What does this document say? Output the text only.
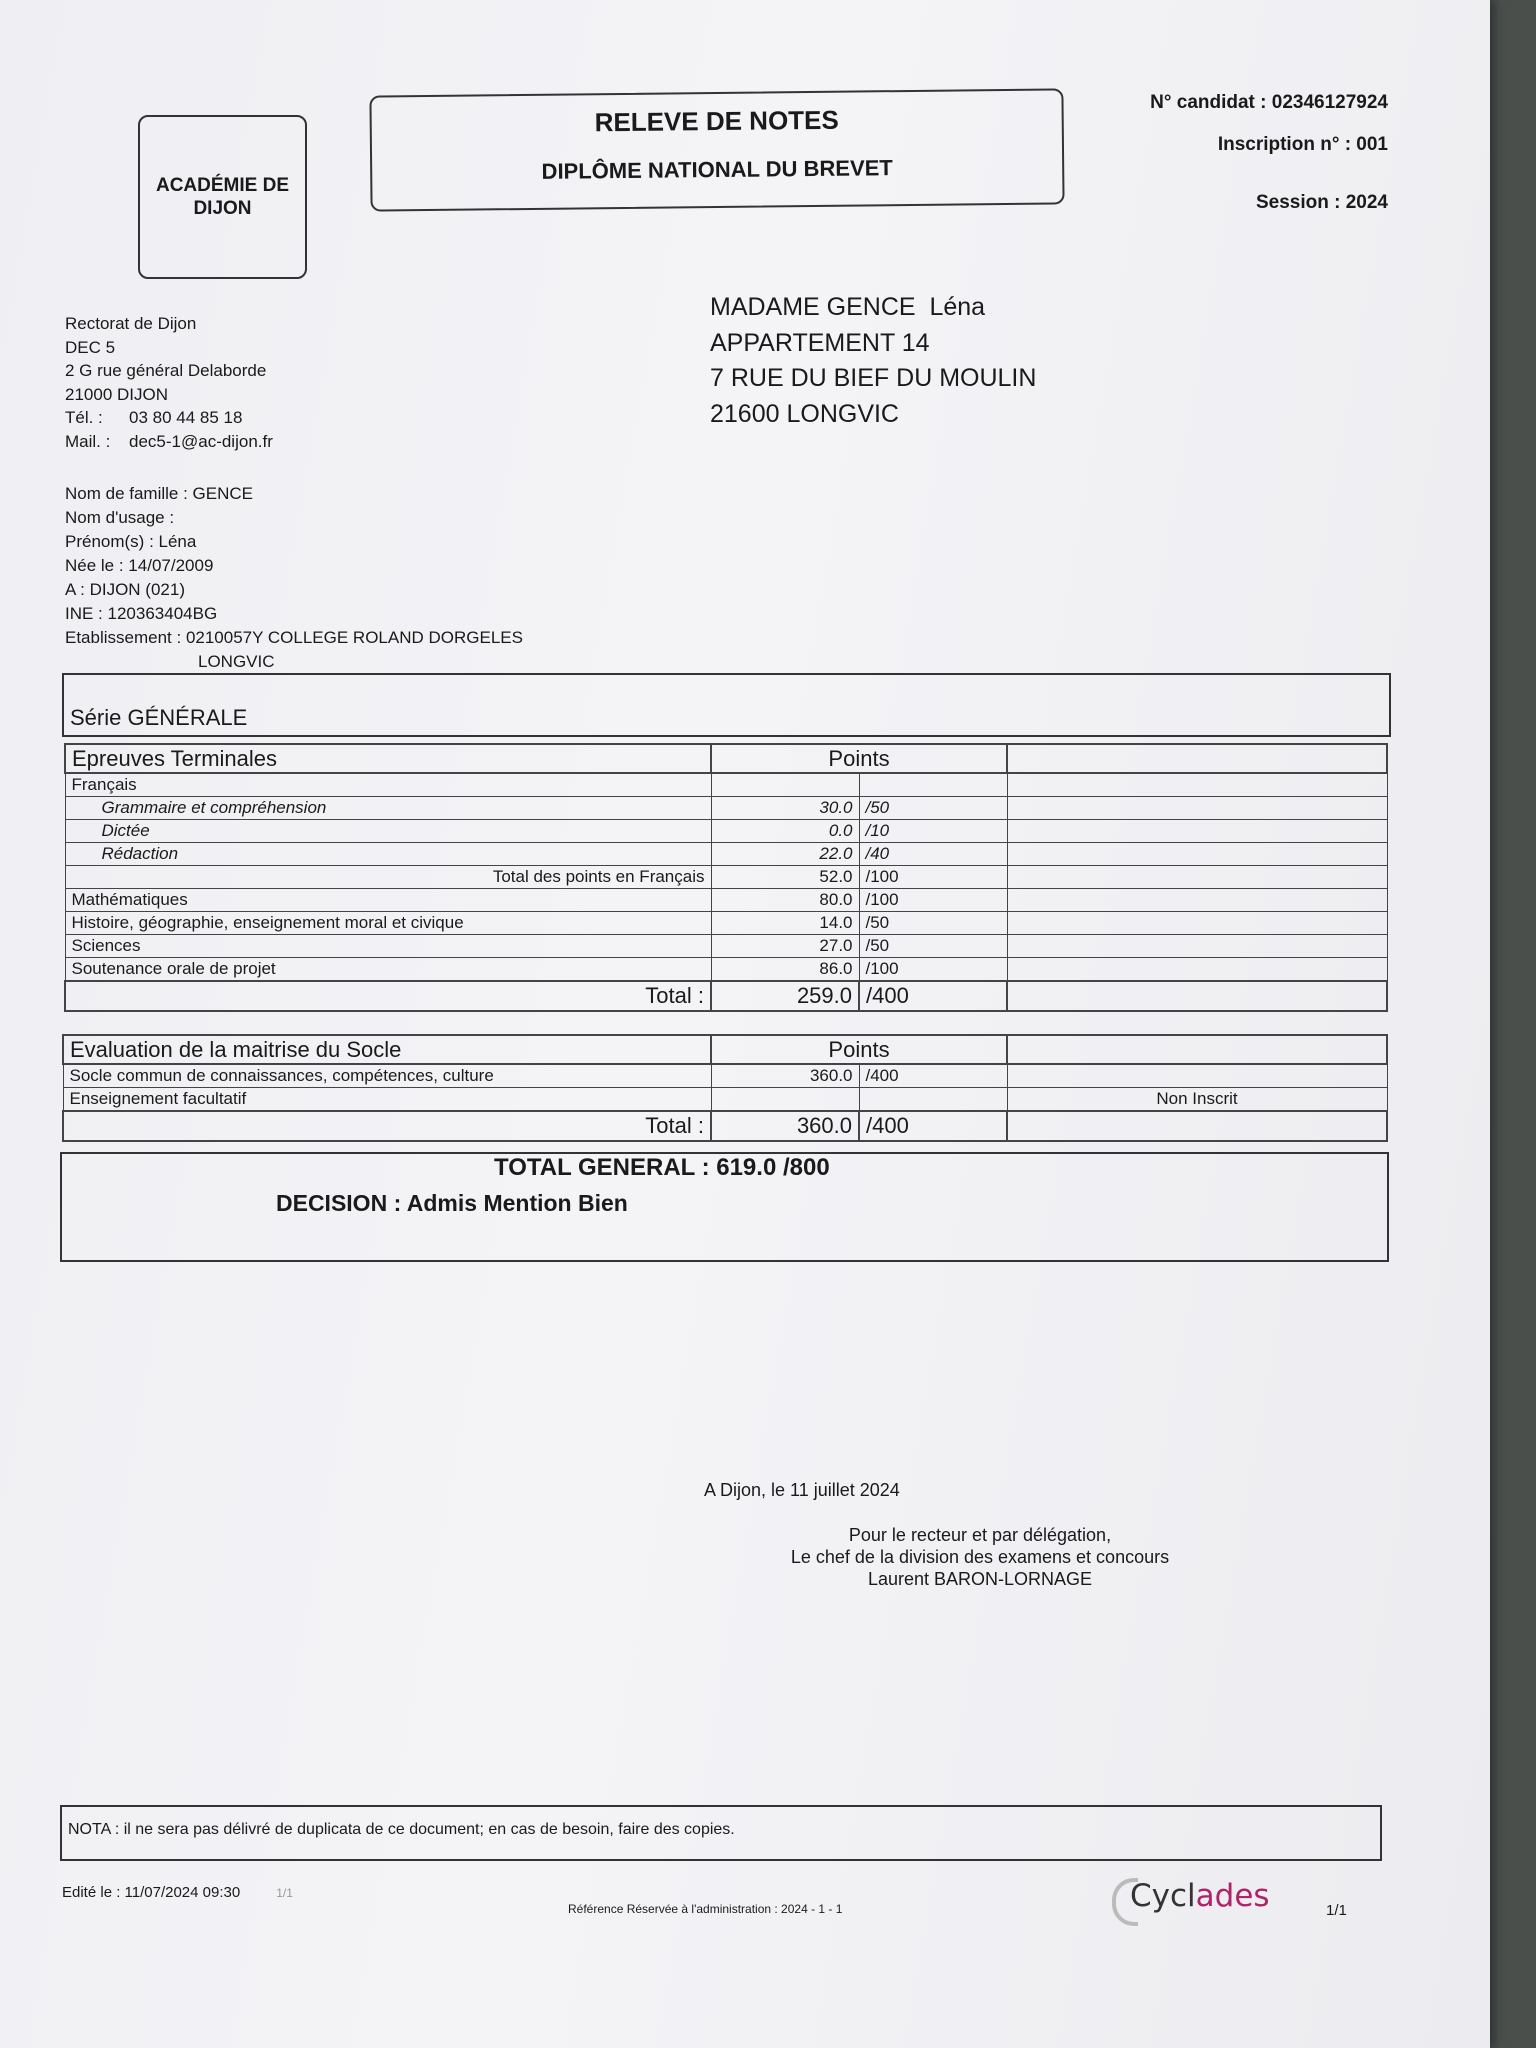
ACADÉMIE DE DIJON
RELEVE DE NOTES
DIPLÔME NATIONAL DU BREVET
N° candidat : 02346127924
Inscription n° : 001
Session : 2024
Rectorat de Dijon
DEC 5
2 G rue général Delaborde
21000 DIJON
Tél. : 03 80 44 85 18
Mail. : dec5-1@ac-dijon.fr
MADAME GENCE  Léna
APPARTEMENT 14
7 RUE DU BIEF DU MOULIN
21600 LONGVIC
Nom de famille : GENCE
Nom d'usage :
Prénom(s) : Léna
Née le : 14/07/2009
A : DIJON (021)
INE : 120363404BG
Etablissement : 0210057Y COLLEGE ROLAND DORGELES
LONGVIC
Série GÉNÉRALE
Epreuves Terminales	Points		
Français			
Grammaire et compréhension	30.0	/50	
Dictée	0.0	/10	
Rédaction	22.0	/40	
Total des points en Français	52.0	/100	
Mathématiques	80.0	/100	
Histoire, géographie, enseignement moral et civique	14.0	/50	
Sciences	27.0	/50	
Soutenance orale de projet	86.0	/100	
Total :	259.0	/400	
Evaluation de la maitrise du Socle	Points		
Socle commun de connaissances, compétences, culture	360.0	/400	
Enseignement facultatif			Non Inscrit
Total :	360.0	/400	
TOTAL GENERAL : 619.0 /800
DECISION : Admis Mention Bien
A Dijon, le 11 juillet 2024
Pour le recteur et par délégation,
Le chef de la division des examens et concours
Laurent BARON-LORNAGE
NOTA : il ne sera pas délivré de duplicata de ce document; en cas de besoin, faire des copies.
Edité le : 11/07/2024 09:30	1/1
Référence Réservée à l'administration : 2024 - 1 - 1	Cyclades	1/1
